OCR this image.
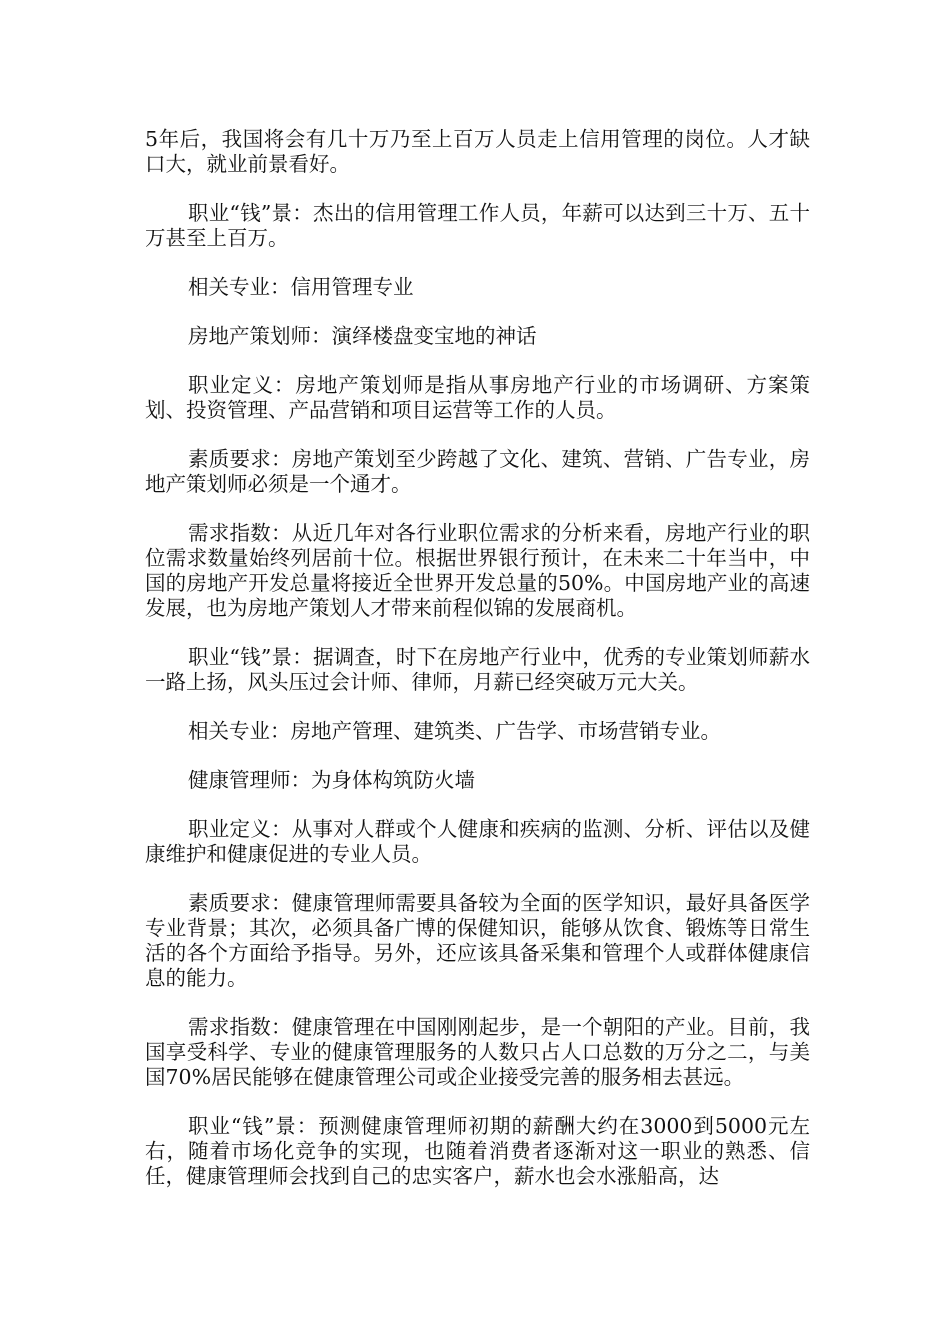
5年后，我国将会有几十万乃至上百万人员走上信用管理的岗位。人才缺口大，就业前景看好。

职业“钱”景：杰出的信用管理工作人员，年薪可以达到三十万、五十万甚至上百万。

相关专业：信用管理专业

房地产策划师：演绎楼盘变宝地的神话

职业定义：房地产策划师是指从事房地产行业的市场调研、方案策划、投资管理、产品营销和项目运营等工作的人员。

素质要求：房地产策划至少跨越了文化、建筑、营销、广告专业，房地产策划师必须是一个通才。

需求指数：从近几年对各行业职位需求的分析来看，房地产行业的职位需求数量始终列居前十位。根据世界银行预计，在未来二十年当中，中国的房地产开发总量将接近全世界开发总量的50%。中国房地产业的高速发展，也为房地产策划人才带来前程似锦的发展商机。

职业“钱”景：据调查，时下在房地产行业中，优秀的专业策划师薪水一路上扬，风头压过会计师、律师，月薪已经突破万元大关。

相关专业：房地产管理、建筑类、广告学、市场营销专业。

健康管理师：为身体构筑防火墙

职业定义：从事对人群或个人健康和疾病的监测、分析、评估以及健康维护和健康促进的专业人员。

素质要求：健康管理师需要具备较为全面的医学知识，最好具备医学专业背景；其次，必须具备广博的保健知识，能够从饮食、锻炼等日常生活的各个方面给予指导。另外，还应该具备采集和管理个人或群体健康信息的能力。

需求指数：健康管理在中国刚刚起步，是一个朝阳的产业。目前，我国享受科学、专业的健康管理服务的人数只占人口总数的万分之二，与美国70%居民能够在健康管理公司或企业接受完善的服务相去甚远。

职业“钱”景：预测健康管理师初期的薪酬大约在3000到5000元左右，随着市场化竞争的实现，也随着消费者逐渐对这一职业的熟悉、信任，健康管理师会找到自己的忠实客户，薪水也会水涨船高，达
